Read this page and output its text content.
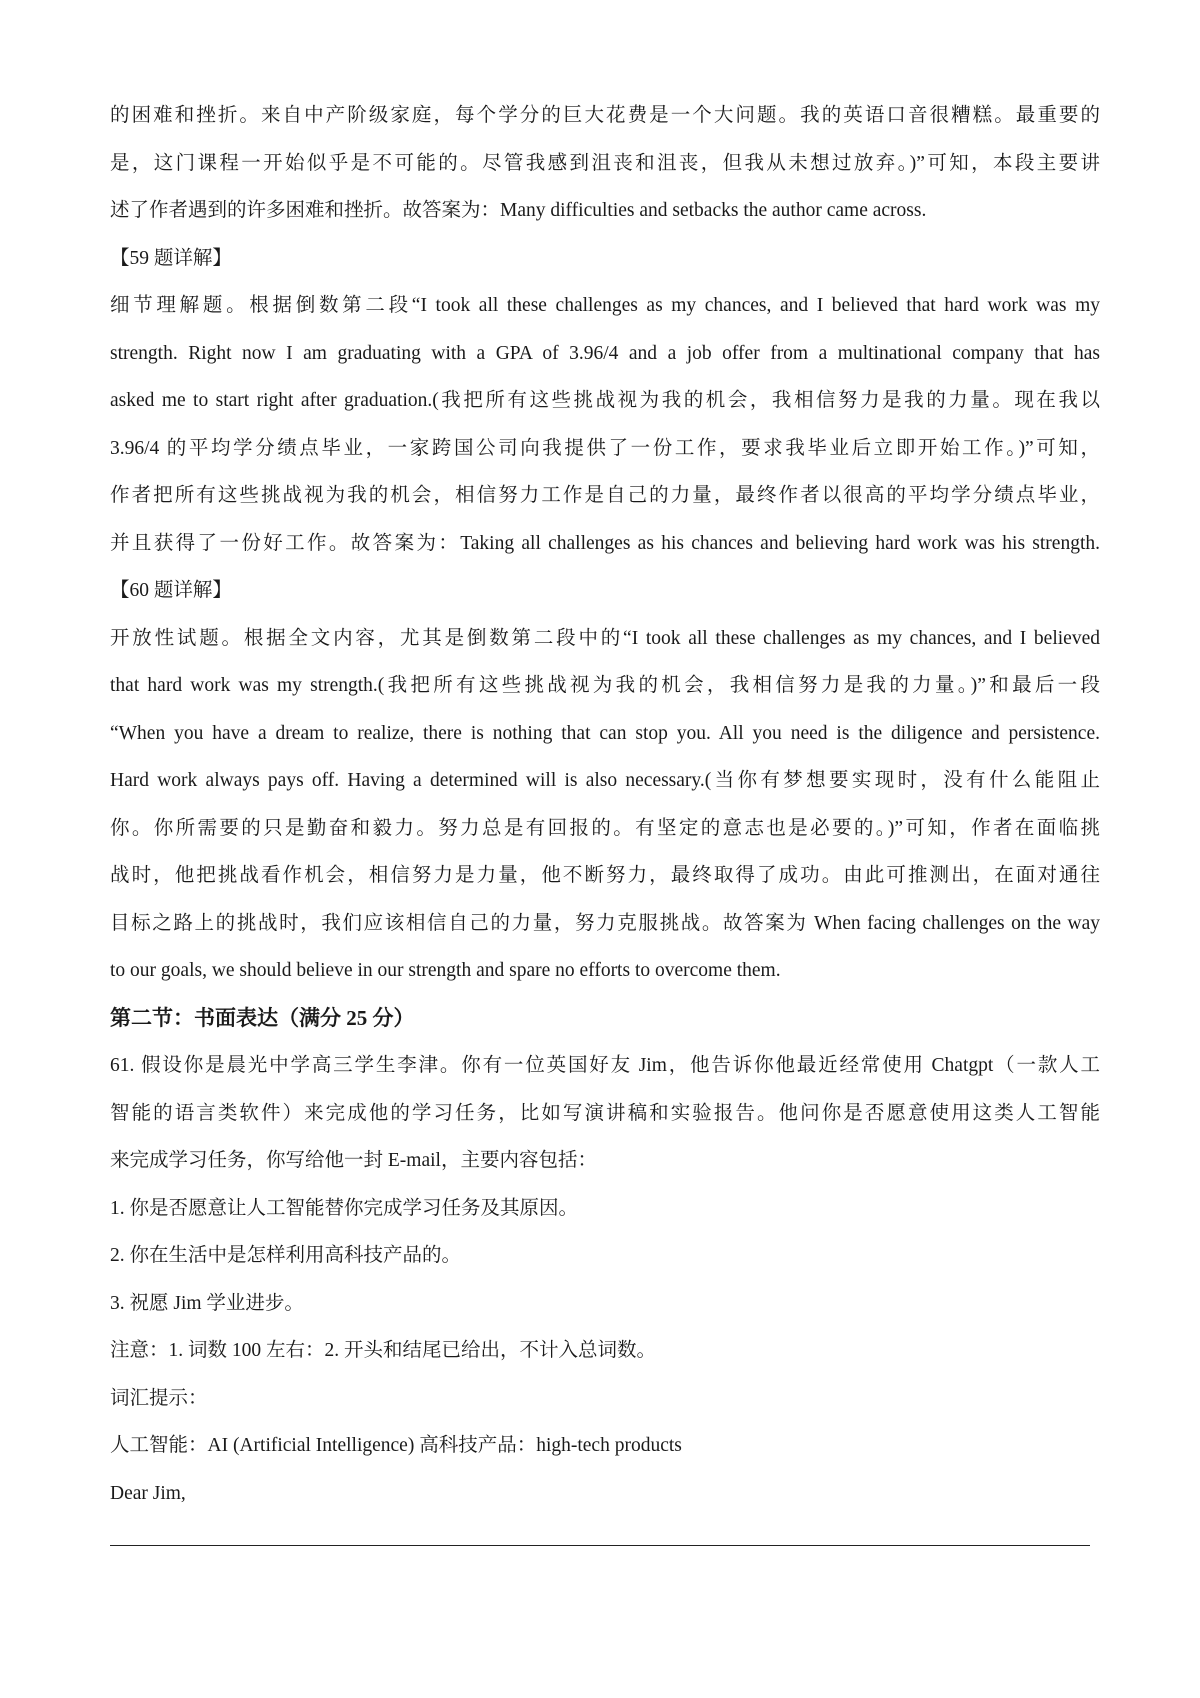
的困难和挫折。来自中产阶级家庭，每个学分的巨大花费是一个大问题。我的英语口音很糟糕。最重要的
是，这门课程一开始似乎是不可能的。尽管我感到沮丧和沮丧，但我从未想过放弃。)”可知，本段主要讲
述了作者遇到的许多困难和挫折。故答案为：Many difficulties and setbacks the author came across.
【59 题详解】
细节理解题。根据倒数第二段“I took all these challenges as my chances, and I believed that hard work was my
strength. Right now I am graduating with a GPA of 3.96/4 and a job offer from a multinational company that has
asked me to start right after graduation.(我把所有这些挑战视为我的机会，我相信努力是我的力量。现在我以
3.96/4 的平均学分绩点毕业，一家跨国公司向我提供了一份工作，要求我毕业后立即开始工作。)”可知，
作者把所有这些挑战视为我的机会，相信努力工作是自己的力量，最终作者以很高的平均学分绩点毕业，
并且获得了一份好工作。故答案为：Taking all challenges as his chances and believing hard work was his strength.
【60 题详解】
开放性试题。根据全文内容，尤其是倒数第二段中的“I took all these challenges as my chances, and I believed
that hard work was my strength.(我把所有这些挑战视为我的机会，我相信努力是我的力量。)”和最后一段
“When you have a dream to realize, there is nothing that can stop you. All you need is the diligence and persistence.
Hard work always pays off. Having a determined will is also necessary.(当你有梦想要实现时，没有什么能阻止
你。你所需要的只是勤奋和毅力。努力总是有回报的。有坚定的意志也是必要的。)”可知，作者在面临挑
战时，他把挑战看作机会，相信努力是力量，他不断努力，最终取得了成功。由此可推测出，在面对通往
目标之路上的挑战时，我们应该相信自己的力量，努力克服挑战。故答案为 When facing challenges on the way
to our goals, we should believe in our strength and spare no efforts to overcome them.
第二节：书面表达（满分 25 分）
61. 假设你是晨光中学高三学生李津。你有一位英国好友 Jim，他告诉你他最近经常使用 Chatgpt（一款人工
智能的语言类软件）来完成他的学习任务，比如写演讲稿和实验报告。他问你是否愿意使用这类人工智能
来完成学习任务，你写给他一封 E-mail，主要内容包括：
1. 你是否愿意让人工智能替你完成学习任务及其原因。
2. 你在生活中是怎样利用高科技产品的。
3. 祝愿 Jim 学业进步。
注意：1. 词数 100 左右：2. 开头和结尾已给出，不计入总词数。
词汇提示：
人工智能：AI (Artificial Intelligence) 高科技产品：high-tech products
Dear Jim,
